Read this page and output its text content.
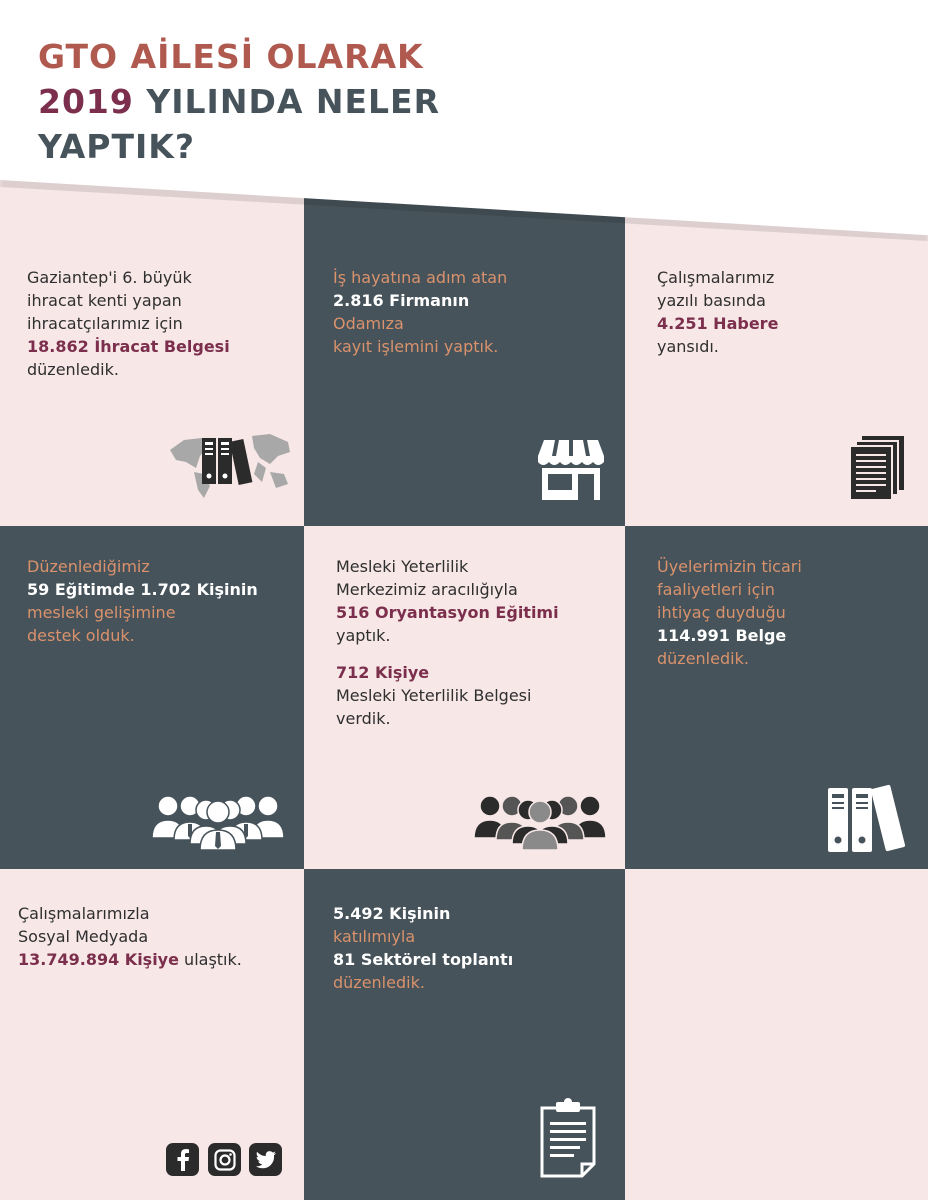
GTO AİLESİ OLARAK
2019 YILINDA NELER
YAPTIK?
Gaziantep'i 6. büyük
ihracat kenti yapan
ihracatçılarımız için
18.862 İhracat Belgesi
düzenledik.
İş hayatına adım atan
2.816 Firmanın
Odamıza
kayıt işlemini yaptık.
Çalışmalarımız
yazılı basında
4.251 Habere
yansıdı.
Düzenlediğimiz
59 Eğitimde 1.702 Kişinin
mesleki gelişimine
destek olduk.
Mesleki Yeterlilik
Merkezimiz aracılığıyla
516 Oryantasyon Eğitimi
yaptık.
712 Kişiye
Mesleki Yeterlilik Belgesi
verdik.
Üyelerimizin ticari
faaliyetleri için
ihtiyaç duyduğu
114.991 Belge
düzenledik.
Çalışmalarımızla
Sosyal Medyada
13.749.894 Kişiye ulaştık.
5.492 Kişinin
katılımıyla
81 Sektörel toplantı
düzenledik.
